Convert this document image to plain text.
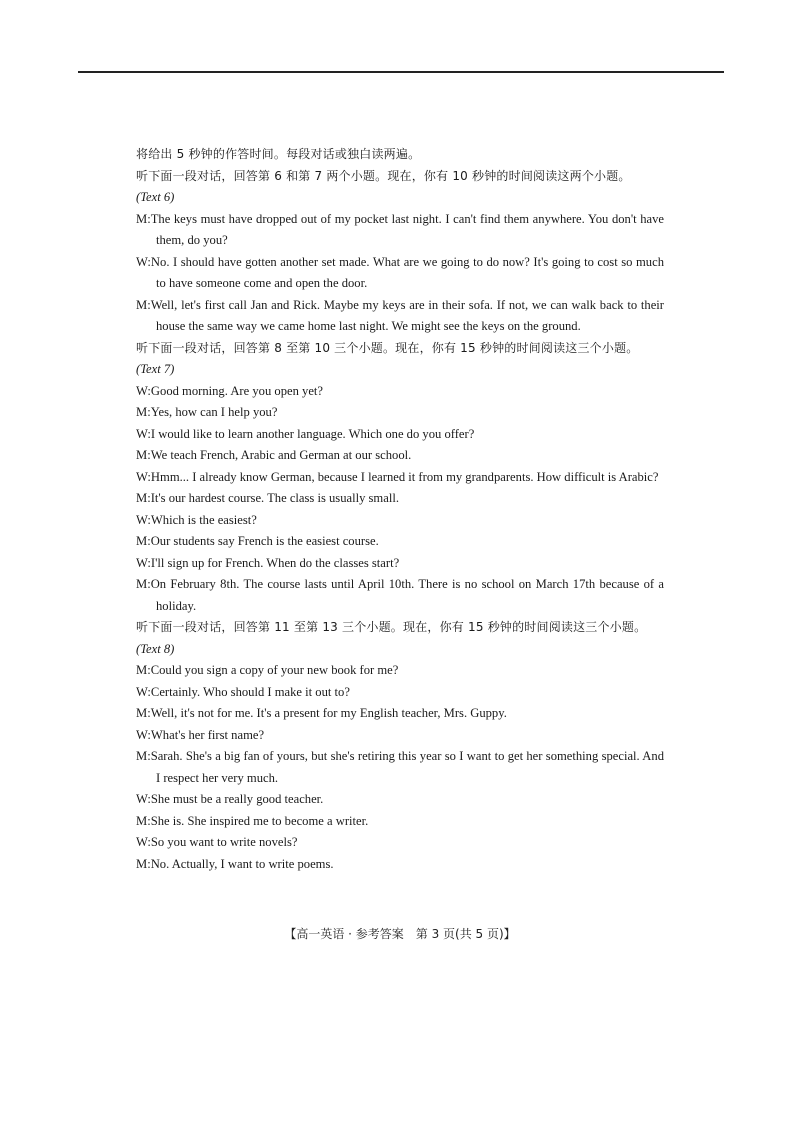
将给出 5 秒钟的作答时间。每段对话或独白读两遍。

听下面一段对话，回答第 6 和第 7 两个小题。现在，你有 10 秒钟的时间阅读这两个小题。

(Text 6)

M:The keys must have dropped out of my pocket last night. I can't find them anywhere. You don't have them, do you?
W:No. I should have gotten another set made. What are we going to do now? It's going to cost so much to have someone come and open the door.
M:Well, let's first call Jan and Rick. Maybe my keys are in their sofa. If not, we can walk back to their house the same way we came home last night. We might see the keys on the ground.

听下面一段对话，回答第 8 至第 10 三个小题。现在，你有 15 秒钟的时间阅读这三个小题。

(Text 7)

W:Good morning. Are you open yet?
M:Yes, how can I help you?
W:I would like to learn another language. Which one do you offer?
M:We teach French, Arabic and German at our school.
W:Hmm... I already know German, because I learned it from my grandparents. How difficult is Arabic?
M:It's our hardest course. The class is usually small.
W:Which is the easiest?
M:Our students say French is the easiest course.
W:I'll sign up for French. When do the classes start?
M:On February 8th. The course lasts until April 10th. There is no school on March 17th because of a holiday.

听下面一段对话，回答第 11 至第 13 三个小题。现在，你有 15 秒钟的时间阅读这三个小题。

(Text 8)

M:Could you sign a copy of your new book for me?
W:Certainly. Who should I make it out to?
M:Well, it's not for me. It's a present for my English teacher, Mrs. Guppy.
W:What's her first name?
M:Sarah. She's a big fan of yours, but she's retiring this year so I want to get her something special. And I respect her very much.
W:She must be a really good teacher.
M:She is. She inspired me to become a writer.
W:So you want to write novels?
M:No. Actually, I want to write poems.
【高一英语 · 参考答案　第 3 页(共 5 页)】
